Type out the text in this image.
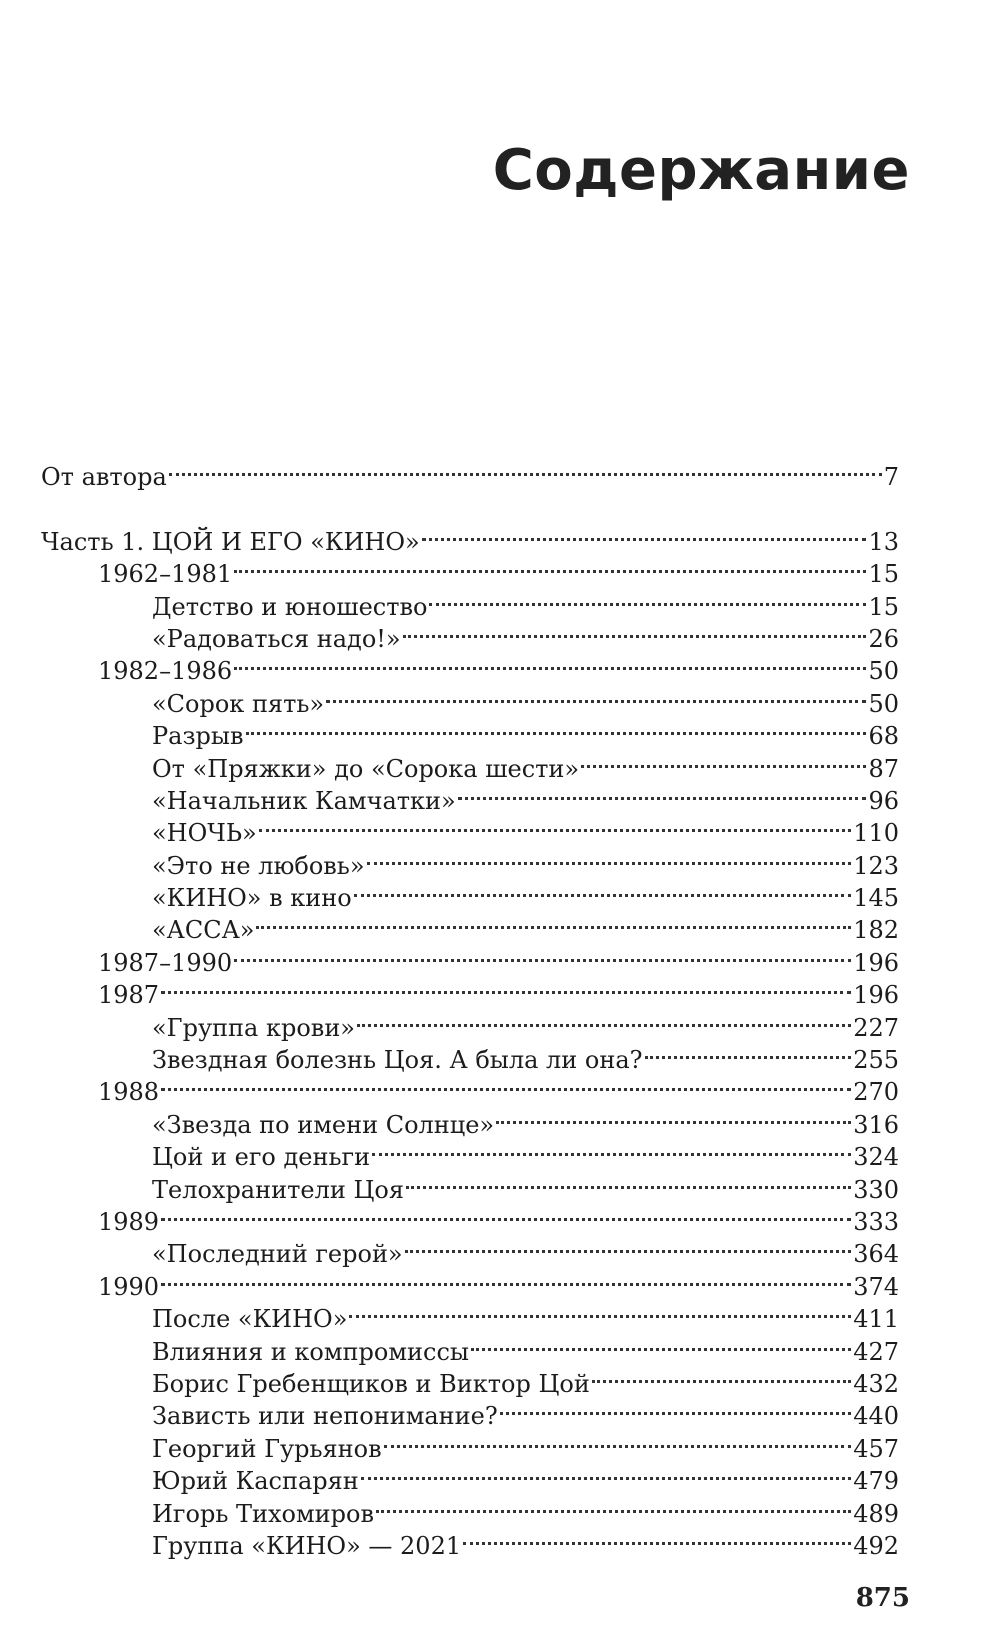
Содержание
От автора	7
Часть 1. ЦОЙ И ЕГО «КИНО»	13
1962–1981	15
Детство и юношество	15
«Радоваться надо!»	26
1982–1986	50
«Сорок пять»	50
Разрыв	68
От «Пряжки» до «Сорока шести»	87
«Начальник Камчатки»	96
«НОЧЬ»	110
«Это не любовь»	123
«КИНО» в кино	145
«АССА»	182
1987–1990	196
1987	196
«Группа крови»	227
Звездная болезнь Цоя. А была ли она?	255
1988	270
«Звезда по имени Солнце»	316
Цой и его деньги	324
Телохранители Цоя	330
1989	333
«Последний герой»	364
1990	374
После «КИНО»	411
Влияния и компромиссы	427
Борис Гребенщиков и Виктор Цой	432
Зависть или непонимание?	440
Георгий Гурьянов	457
Юрий Каспарян	479
Игорь Тихомиров	489
Группа «КИНО» — 2021	492
875
